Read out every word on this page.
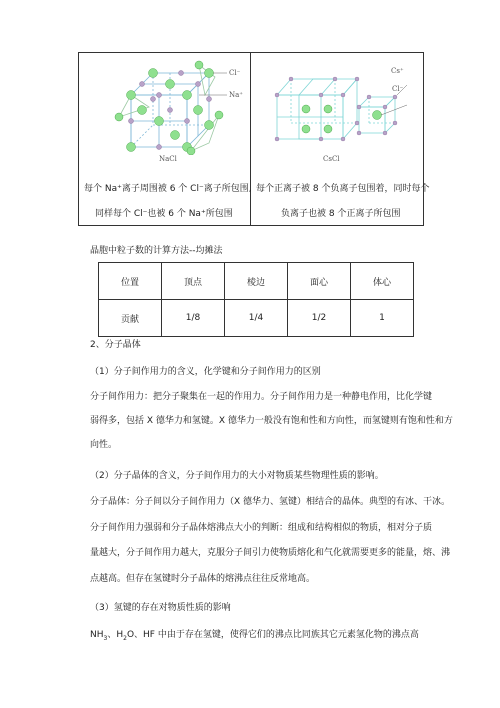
Cl⁻
Na⁺
NaCl
每个 Na⁺离子周围被 6 个 Cl⁻离子所包围,
同样每个 Cl⁻也被 6 个 Na⁺所包围
Cs⁺
Cl⁻
CsCl
每个正离子被 8 个负离子包围着，同时每个
负离子也被 8 个正离子所包围
晶胞中粒子数的计算方法--均摊法
位置	顶点	棱边	面心	体心
贡献	1/8	1/4	1/2	1
2、分子晶体
（1）分子间作用力的含义，化学键和分子间作用力的区别
分子间作用力：把分子聚集在一起的作用力。分子间作用力是一种静电作用，比化学键
弱得多，包括 X 德华力和氢键。X 德华力一般没有饱和性和方向性，而氢键则有饱和性和方
向性。
（2）分子晶体的含义，分子间作用力的大小对物质某些物理性质的影响。
分子晶体：分子间以分子间作用力（X 德华力、氢键）相结合的晶体。典型的有冰、干冰。
分子间作用力强弱和分子晶体熔沸点大小的判断：组成和结构相似的物质，相对分子质
量越大，分子间作用力越大，克服分子间引力使物质熔化和气化就需要更多的能量，熔、沸
点越高。但存在氢键时分子晶体的熔沸点往往反常地高。
（3）氢键的存在对物质性质的影响
$NH_3$、$H_2O$、HF 中由于存在氢键，使得它们的沸点比同族其它元素氢化物的沸点高
